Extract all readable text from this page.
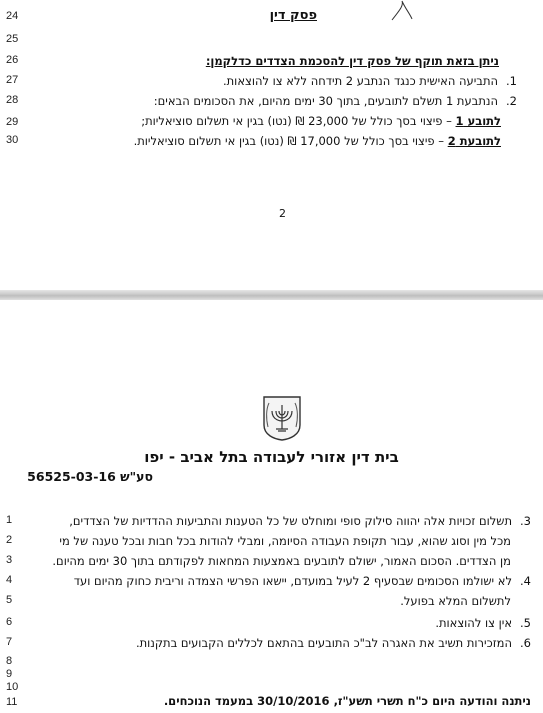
24
25
26
27
28
29
30
פסק דין
ניתן בזאת תוקף של פסק דין להסכמת הצדדים כדלקמן:
1.התביעה האישית כנגד הנתבע 2 תידחה ללא צו להוצאות.
2.הנתבעת 1 תשלם לתובעים, בתוך 30 ימים מהיום, את הסכומים הבאים:
לתובע 1 – פיצוי בסך כולל של 23,000 ₪ (נטו) בגין אי תשלום סוציאליות;
לתובעת 2 – פיצוי בסך כולל של 17,000 ₪ (נטו) בגין אי תשלום סוציאליות.
2
בית דין אזורי לעבודה בתל אביב - יפו
סע"ש 56525-03-16
1
2
3
4
5
6
7
8
9
10
11
3.תשלום זכויות אלה יהווה סילוק סופי ומוחלט של כל הטענות והתביעות ההדדיות של הצדדים,
מכל מין וסוג שהוא, עבור תקופת העבודה הסיומה, ומבלי להודות בכל חבות ובכל טענה של מי
מן הצדדים. הסכום האמור, ישולם לתובעים באמצעות המחאות לפקודתם בתוך 30 ימים מהיום.
4.לא ישולמו הסכומים שבסעיף 2 לעיל במועדם, יישאו הפרשי הצמדה וריבית כחוק מהיום ועד
לתשלום המלא בפועל.
5.אין צו להוצאות.
6.המזכירות תשיב את האגרה לב"כ התובעים בהתאם לכללים הקבועים בתקנות.
ניתנה והודעה היום כ"ח תשרי תשע"ז, 30/10/2016 במעמד הנוכחים.
